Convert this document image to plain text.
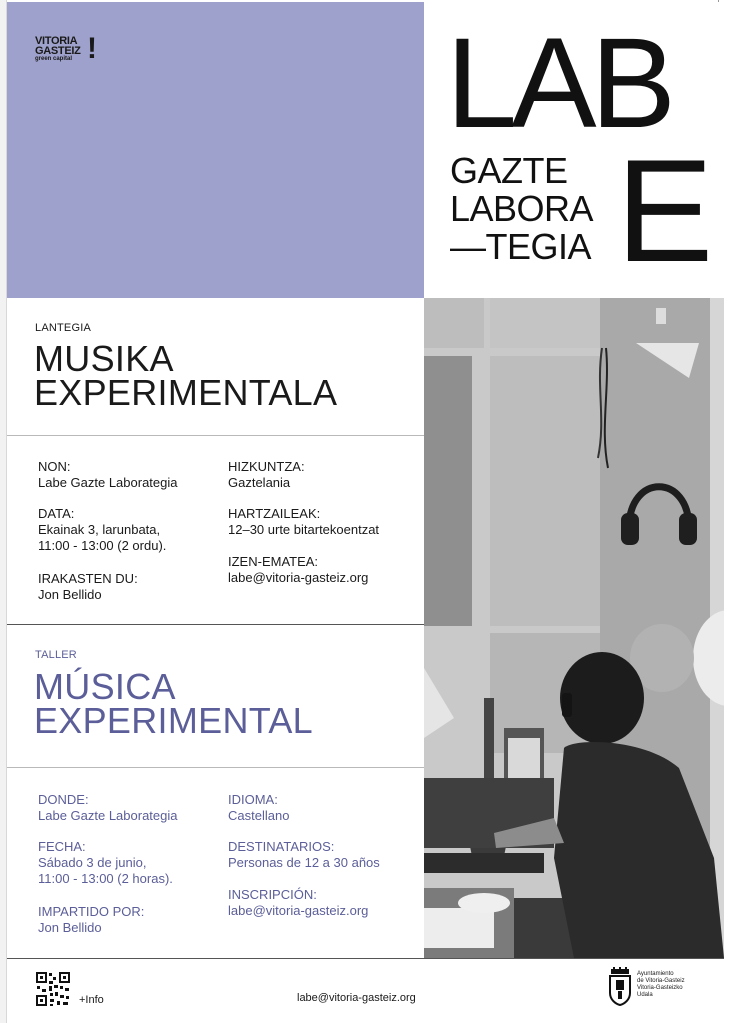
VITORIA
GASTEIZ
green capital !	LAB
GAZTE
LABORA
—TEGIA E
LANTEGIA
MUSIKA
EXPERIMENTALA
NON:
Labe Gazte Laborategia
DATA:
Ekainak 3, larunbata,
11:00 - 13:00 (2 ordu).
IRAKASTEN DU:
Jon Bellido
HIZKUNTZA:
Gaztelania
HARTZAILEAK:
12–30 urte bitartekoentzat
IZEN-EMATEA:
labe@vitoria-gasteiz.org
TALLER
MÚSICA
EXPERIMENTAL
DONDE:
Labe Gazte Laborategia
FECHA:
Sábado 3 de junio,
11:00 - 13:00 (2 horas).
IMPARTIDO POR:
Jon Bellido
IDIOMA:
Castellano
DESTINATARIOS:
Personas de 12 a 30 años
INSCRIPCIÓN:
labe@vitoria-gasteiz.org
+Info	labe@vitoria-gasteiz.org
Ayuntamiento
de Vitoria-Gasteiz
Vitoria-Gasteizko
Udala
